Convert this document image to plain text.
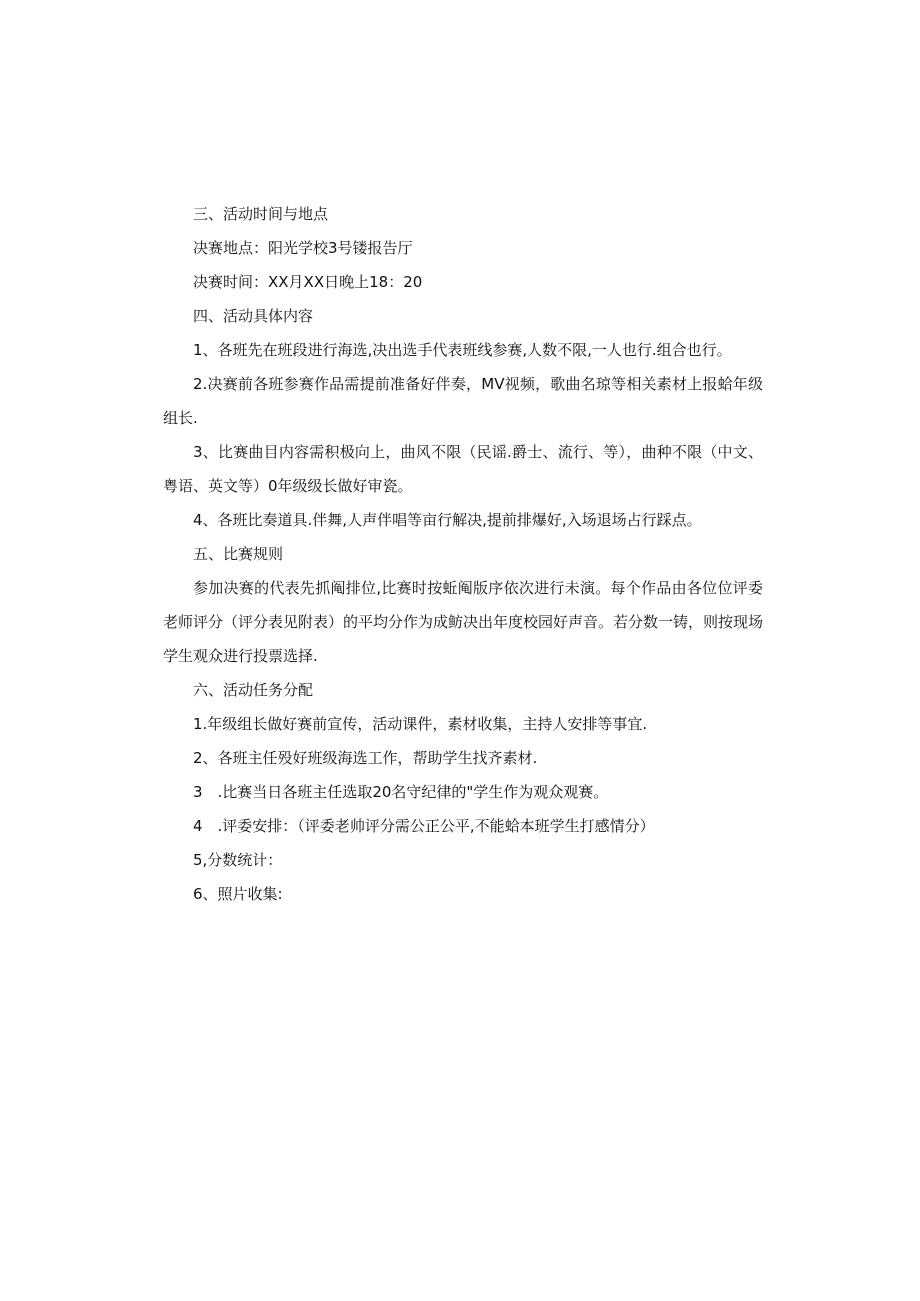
三、活动时间与地点

决赛地点：阳光学校3号镂报告厅

决赛时间：XX月XX日晚上18：20

四、活动具体内容

1、各班先在班段进行海选,决出选手代表班线参赛,人数不限,一人也行.组合也行。

2.决赛前各班参赛作品需提前准备好伴奏，MV视频，歌曲名琼等相关素材上报蛤年级组长.

3、比赛曲目内容需积极向上，曲风不限（民谣.爵士、流行、等），曲种不限（中文、粤语、英文等）0年级级长做好审瓷。

4、各班比奏道具.伴舞,人声伴唱等亩行解决,提前排爆好,入场退场占行踩点。

五、比赛规则

参加决赛的代表先抓阄排位,比赛时按蚯阄版序依次进行未演。每个作品由各位位评委老师评分（评分表见附表）的平均分作为成鲂决出年度校园好声音。若分数一铸，则按现场学生观众进行投票选择.

六、活动任务分配

1.年级组长做好赛前宣传，活动课件，素材收集，主持人安排等事宜.

2、各班主任殁好班级海选工作，帮助学生找齐素材.

3　.比赛当日各班主任选取20名守纪律的"学生作为观众观赛。

4　.评委安排：（评委老帅评分需公正公平,不能蛤本班学生打感情分）

5,分数统计：

6、照片收集:
